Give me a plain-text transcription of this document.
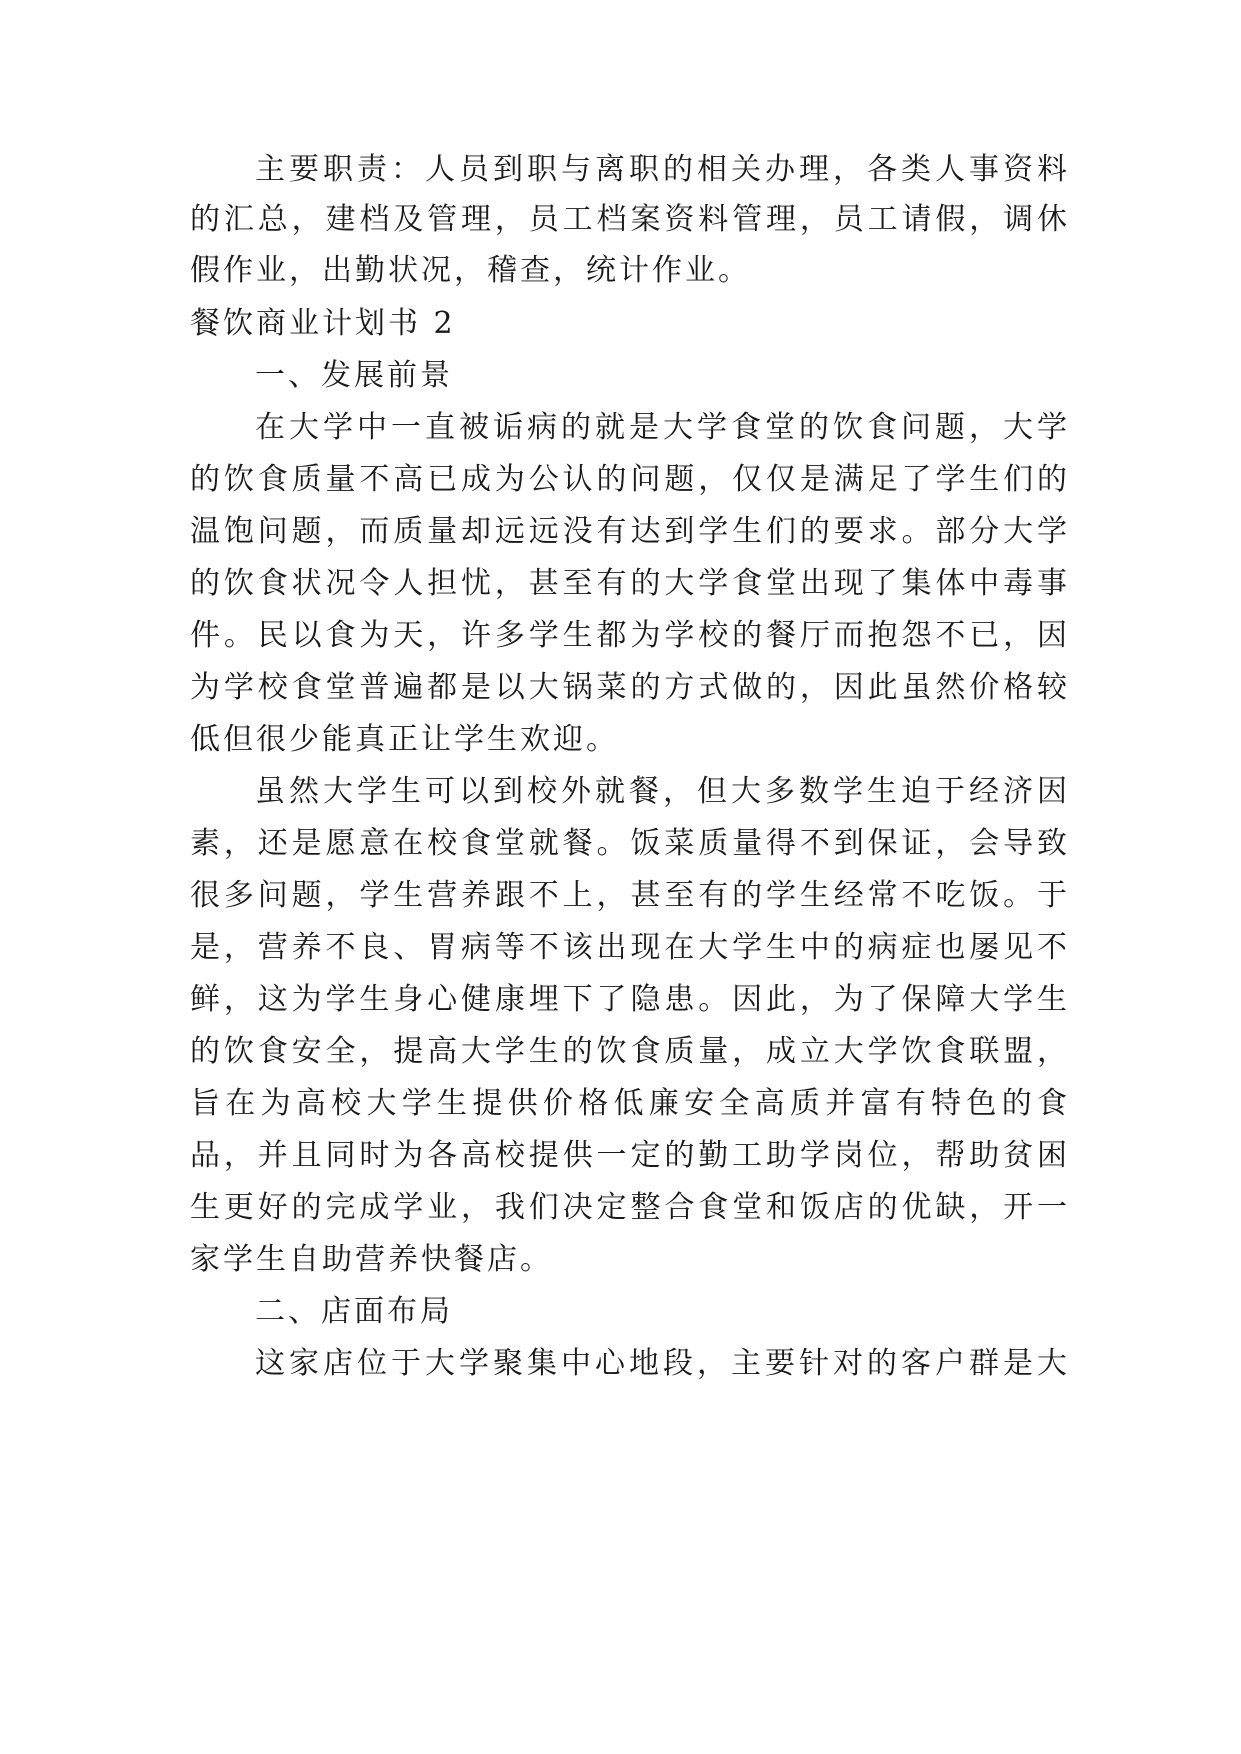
主要职责：人员到职与离职的相关办理，各类人事资料
的汇总，建档及管理，员工档案资料管理，员工请假，调休
假作业，出勤状况，稽查，统计作业。
餐饮商业计划书 2
一、发展前景
在大学中一直被诟病的就是大学食堂的饮食问题，大学
的饮食质量不高已成为公认的问题，仅仅是满足了学生们的
温饱问题，而质量却远远没有达到学生们的要求。部分大学
的饮食状况令人担忧，甚至有的大学食堂出现了集体中毒事
件。民以食为天，许多学生都为学校的餐厅而抱怨不已，因
为学校食堂普遍都是以大锅菜的方式做的，因此虽然价格较
低但很少能真正让学生欢迎。
虽然大学生可以到校外就餐，但大多数学生迫于经济因
素，还是愿意在校食堂就餐。饭菜质量得不到保证，会导致
很多问题，学生营养跟不上，甚至有的学生经常不吃饭。于
是，营养不良、胃病等不该出现在大学生中的病症也屡见不
鲜，这为学生身心健康埋下了隐患。因此，为了保障大学生
的饮食安全，提高大学生的饮食质量，成立大学饮食联盟，
旨在为高校大学生提供价格低廉安全高质并富有特色的食
品，并且同时为各高校提供一定的勤工助学岗位，帮助贫困
生更好的完成学业，我们决定整合食堂和饭店的优缺，开一
家学生自助营养快餐店。
二、店面布局
这家店位于大学聚集中心地段，主要针对的客户群是大
